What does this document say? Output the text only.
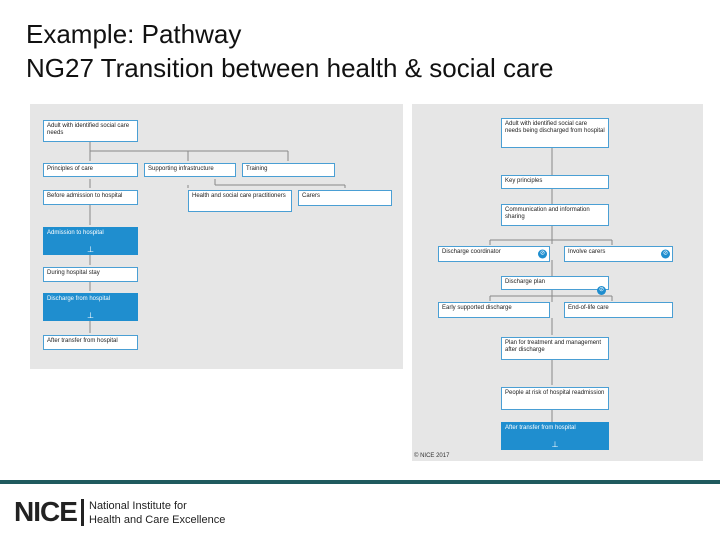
Example: Pathway
NG27 Transition between health & social care
Adult with identified social care needs
Principles of care	Supporting infrastructure	Training
Before admission to hospital	Health and social care practitioners	Carers
Admission to hospital
⊥
During hospital stay
Discharge from hospital
⊥
After transfer from hospital
Adult with identified social care needs being discharged from hospital
Key principles
Communication and information sharing
Discharge coordinator	⊘	Involve carers	⊘
Discharge plan
⊘
Early supported discharge	End-of-life care
Plan for treatment and management after discharge
People at risk of hospital readmission
After transfer from hospital
⊥
© NICE 2017
NICE National Institute for
Health and Care Excellence
